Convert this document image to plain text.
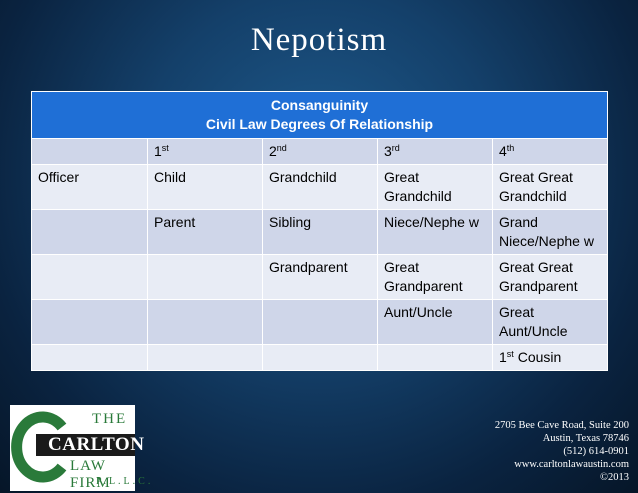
Nepotism
Consanguinity
Civil Law Degrees Of Relationship				

	1st	2nd	3rd	4th
Officer	Child	Grandchild	Great Grandchild	Great Great Grandchild
	Parent	Sibling	Niece/Nephe w	Grand Niece/Nephe w
		Grandparent	Great Grandparent	Great Great Grandparent
			Aunt/Uncle	Great Aunt/Uncle
				1st Cousin
THE
CARLTON
LAW FIRM
P.L.L.C.
2705 Bee Cave Road, Suite 200
Austin, Texas 78746
(512) 614-0901
www.carltonlawaustin.com
©2013
